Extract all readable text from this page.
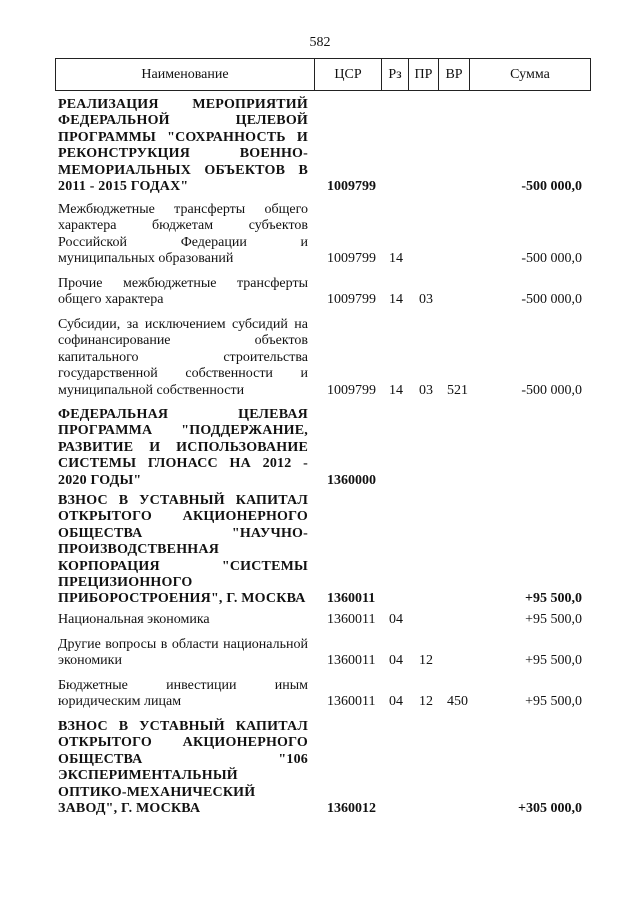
582
Наименование	ЦСР	Рз ПР ВР	Сумма
РЕАЛИЗАЦИЯ МЕРОПРИЯТИЙ ФЕДЕРАЛЬНОЙ ЦЕЛЕВОЙ ПРОГРАММЫ "СОХРАННОСТЬ И РЕКОНСТРУКЦИЯ ВОЕННО-МЕМОРИАЛЬНЫХ ОБЪЕКТОВ В 2011 - 2015 ГОДАХ"	1009799	-500 000,0
Межбюджетные трансферты общего характера бюджетам субъектов Российской Федерации и муниципальных образований	1009799 14	-500 000,0
Прочие межбюджетные трансферты общего характера	1009799 14 03	-500 000,0
Субсидии, за исключением субсидий на софинансирование объектов капитального строительства государственной собственности и муниципальной собственности	1009799 14 03 521	-500 000,0
ФЕДЕРАЛЬНАЯ ЦЕЛЕВАЯ ПРОГРАММА "ПОДДЕРЖАНИЕ, РАЗВИТИЕ И ИСПОЛЬЗОВАНИЕ СИСТЕМЫ ГЛОНАСС НА 2012 - 2020 ГОДЫ"	1360000
ВЗНОС В УСТАВНЫЙ КАПИТАЛ ОТКРЫТОГО АКЦИОНЕРНОГО ОБЩЕСТВА "НАУЧНО-ПРОИЗВОДСТВЕННАЯ КОРПОРАЦИЯ "СИСТЕМЫ ПРЕЦИЗИОННОГО ПРИБОРОСТРОЕНИЯ", Г. МОСКВА 1360011	+95 500,0
Национальная экономика	1360011 04	+95 500,0
Другие вопросы в области национальной экономики	1360011 04 12	+95 500,0
Бюджетные инвестиции иным юридическим лицам	1360011 04 12 450	+95 500,0
ВЗНОС В УСТАВНЫЙ КАПИТАЛ ОТКРЫТОГО АКЦИОНЕРНОГО ОБЩЕСТВА "106 ЭКСПЕРИМЕНТАЛЬНЫЙ ОПТИКО-МЕХАНИЧЕСКИЙ ЗАВОД", Г. МОСКВА	1360012	+305 000,0
